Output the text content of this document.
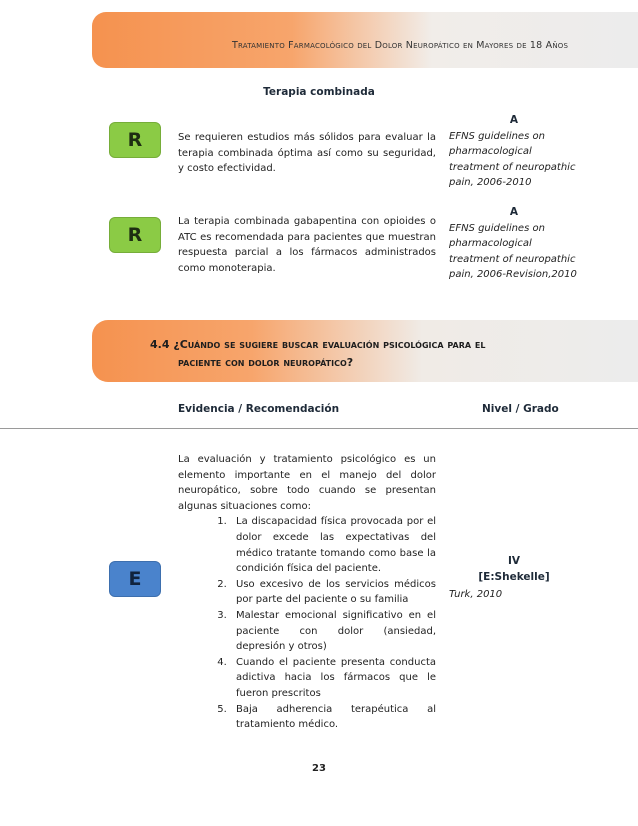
Tratamiento Farmacológico del Dolor Neuropático en Mayores de 18 Años
Terapia combinada
R	Se requieren estudios más sólidos para evaluar la terapia combinada óptima así como su seguridad, y costo efectividad.
A
EFNS guidelines on pharmacological treatment of neuropathic pain, 2006-2010
R
La terapia combinada gabapentina con opioides o ATC es recomendada para pacientes que muestran respuesta parcial a los fármacos administrados como monoterapia.
A
EFNS guidelines on pharmacological treatment of neuropathic pain, 2006-Revision,2010
4.4 ¿Cuándo se sugiere buscar evaluación psicológica para el
paciente con dolor neuropático?
Evidencia / Recomendación	Nivel / Grado
E
La evaluación y tratamiento psicológico es un elemento importante en el manejo del dolor neuropático, sobre todo cuando se presentan algunas situaciones como:
1. La discapacidad física provocada por el dolor excede las expectativas del médico tratante tomando como base la condición física del paciente.
2. Uso excesivo de los servicios médicos por parte del paciente o su familia
3. Malestar emocional significativo en el paciente con dolor (ansiedad, depresión y otros)
4. Cuando el paciente presenta conducta adictiva hacia los fármacos que le fueron prescritos
5. Baja adherencia terapéutica al tratamiento médico.
IV
[E:Shekelle]
Turk, 2010
23
